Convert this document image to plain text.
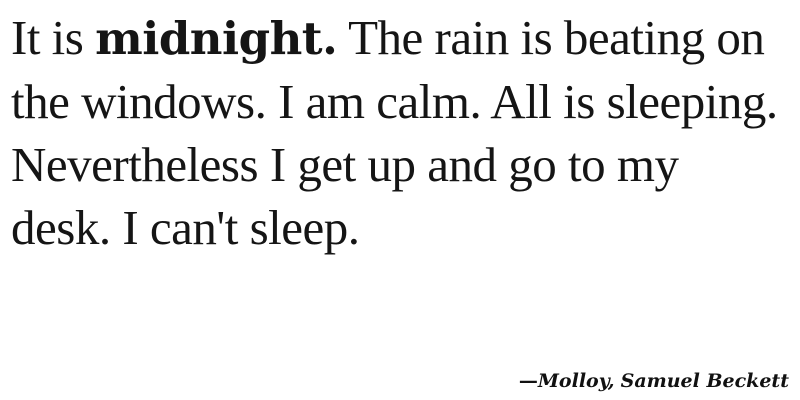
It is midnight. The rain is beating on the windows. I am calm. All is sleeping. Nevertheless I get up and go to my desk. I can't sleep.

—Molloy, Samuel Beckett
